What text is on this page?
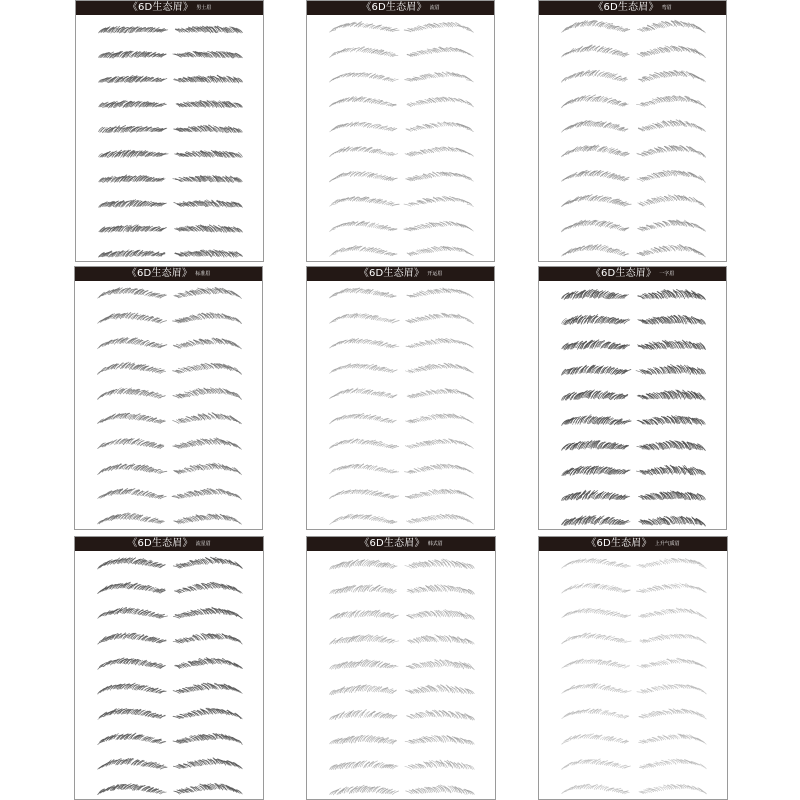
《6D生态眉》 男士眉	《6D生态眉》 流眉	《6D生态眉》 弯眉
《6D生态眉》 标准眉	《6D生态眉》 开运眉	《6D生态眉》 一字眉
《6D生态眉》 流星眉	《6D生态眉》 韩式眉	《6D生态眉》 上升气质眉
